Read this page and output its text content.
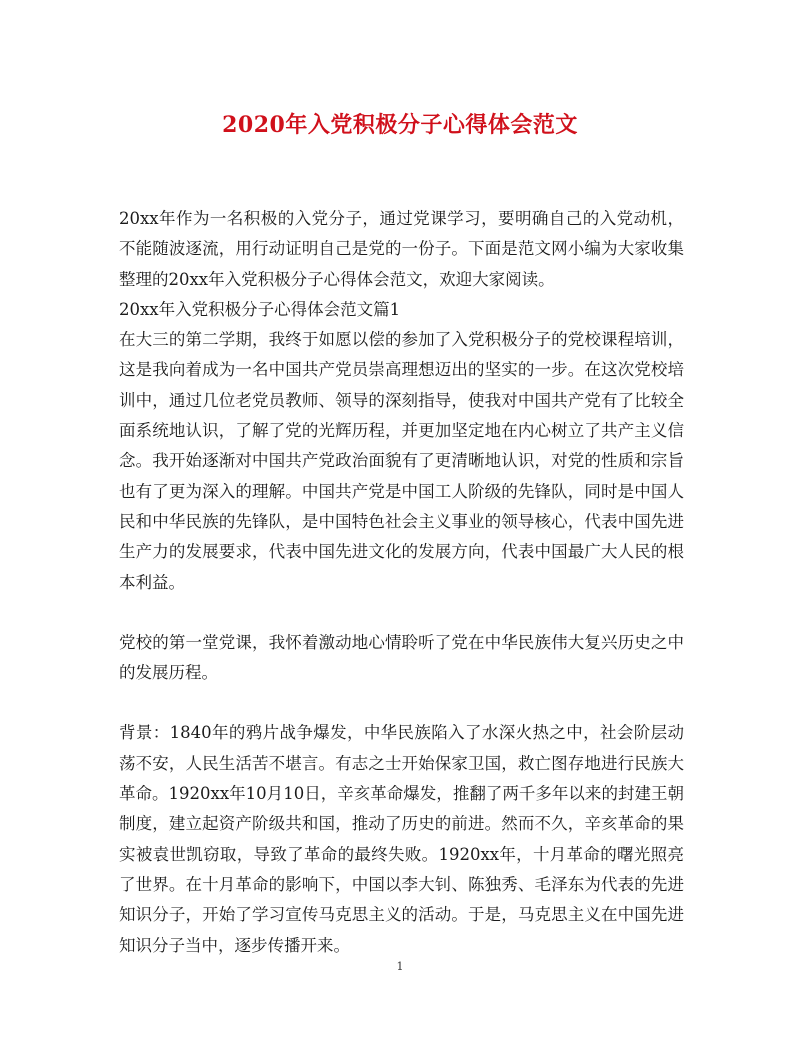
2020年入党积极分子心得体会范文

20xx年作为一名积极的入党分子，通过党课学习，要明确自己的入党动机，不能随波逐流，用行动证明自己是党的一份子。下面是范文网小编为大家收集整理的20xx年入党积极分子心得体会范文，欢迎大家阅读。

20xx年入党积极分子心得体会范文篇1

在大三的第二学期，我终于如愿以偿的参加了入党积极分子的党校课程培训，这是我向着成为一名中国共产党员崇高理想迈出的坚实的一步。在这次党校培训中，通过几位老党员教师、领导的深刻指导，使我对中国共产党有了比较全面系统地认识，了解了党的光辉历程，并更加坚定地在内心树立了共产主义信念。我开始逐渐对中国共产党政治面貌有了更清晰地认识，对党的性质和宗旨也有了更为深入的理解。中国共产党是中国工人阶级的先锋队，同时是中国人民和中华民族的先锋队，是中国特色社会主义事业的领导核心，代表中国先进生产力的发展要求，代表中国先进文化的发展方向，代表中国最广大人民的根本利益。

党校的第一堂党课，我怀着激动地心情聆听了党在中华民族伟大复兴历史之中的发展历程。

背景：1840年的鸦片战争爆发，中华民族陷入了水深火热之中，社会阶层动荡不安，人民生活苦不堪言。有志之士开始保家卫国，救亡图存地进行民族大革命。1920xx年10月10日，辛亥革命爆发，推翻了两千多年以来的封建王朝制度，建立起资产阶级共和国，推动了历史的前进。然而不久，辛亥革命的果实被袁世凯窃取，导致了革命的最终失败。1920xx年，十月革命的曙光照亮了世界。在十月革命的影响下，中国以李大钊、陈独秀、毛泽东为代表的先进知识分子，开始了学习宣传马克思主义的活动。于是，马克思主义在中国先进知识分子当中，逐步传播开来。

1
